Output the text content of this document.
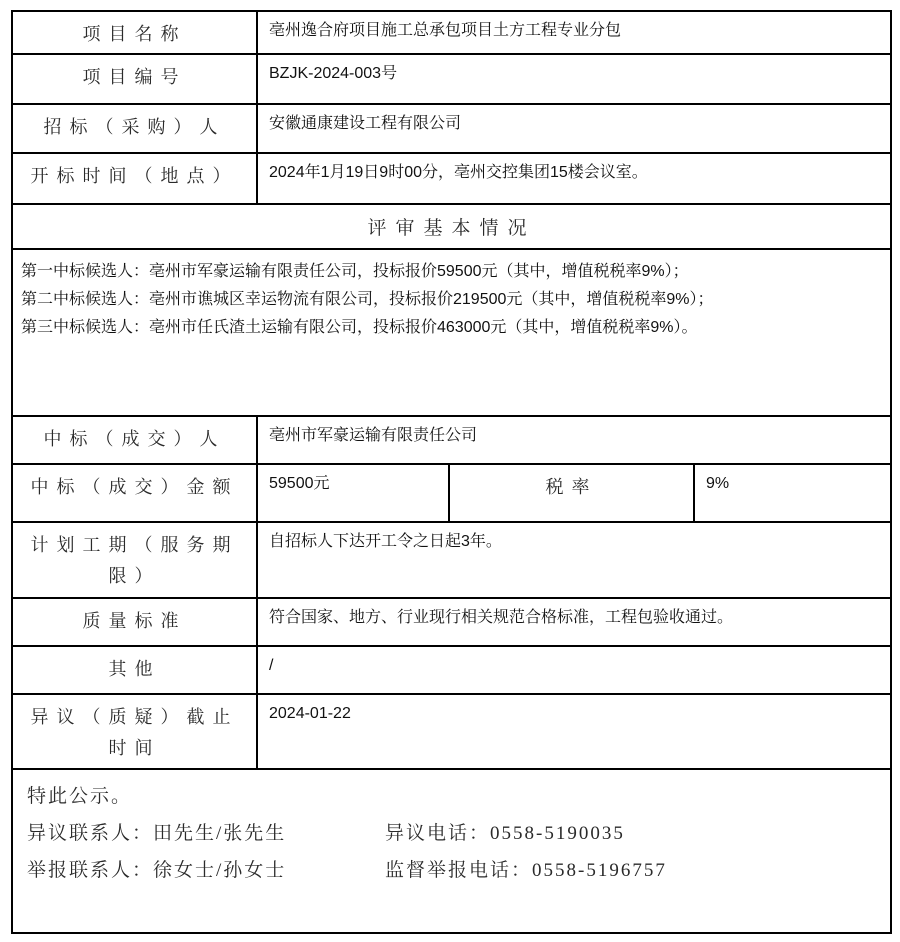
项目名称	亳州逸合府项目施工总承包项目土方工程专业分包		
项目编号	BZJK-2024-003号		
招标（采购）人	安徽通康建设工程有限公司		
开标时间（地点）	2024年1月19日9时00分，亳州交控集团15楼会议室。		
评审基本情况			

第一中标候选人：亳州市军豪运输有限责任公司，投标报价59500元（其中，增值税税率9%）；
第二中标候选人：亳州市谯城区幸运物流有限公司，投标报价219500元（其中，增值税税率9%）；
第三中标候选人：亳州市任氏渣土运输有限公司，投标报价463000元（其中，增值税税率9%）。			

中标（成交）人	亳州市军豪运输有限责任公司		
中标（成交）金额	59500元	税率	9%
计划工期（服务期限）	自招标人下达开工令之日起3年。		
质量标准	符合国家、地方、行业现行相关规范合格标准，工程包验收通过。		
其他	/		
异议（质疑）截止时间	2024-01-22		

特此公示。
异议联系人：田先生/张先生 异议电话：0558-5190035
举报联系人：徐女士/孙女士 监督举报电话：0558-5196757			
